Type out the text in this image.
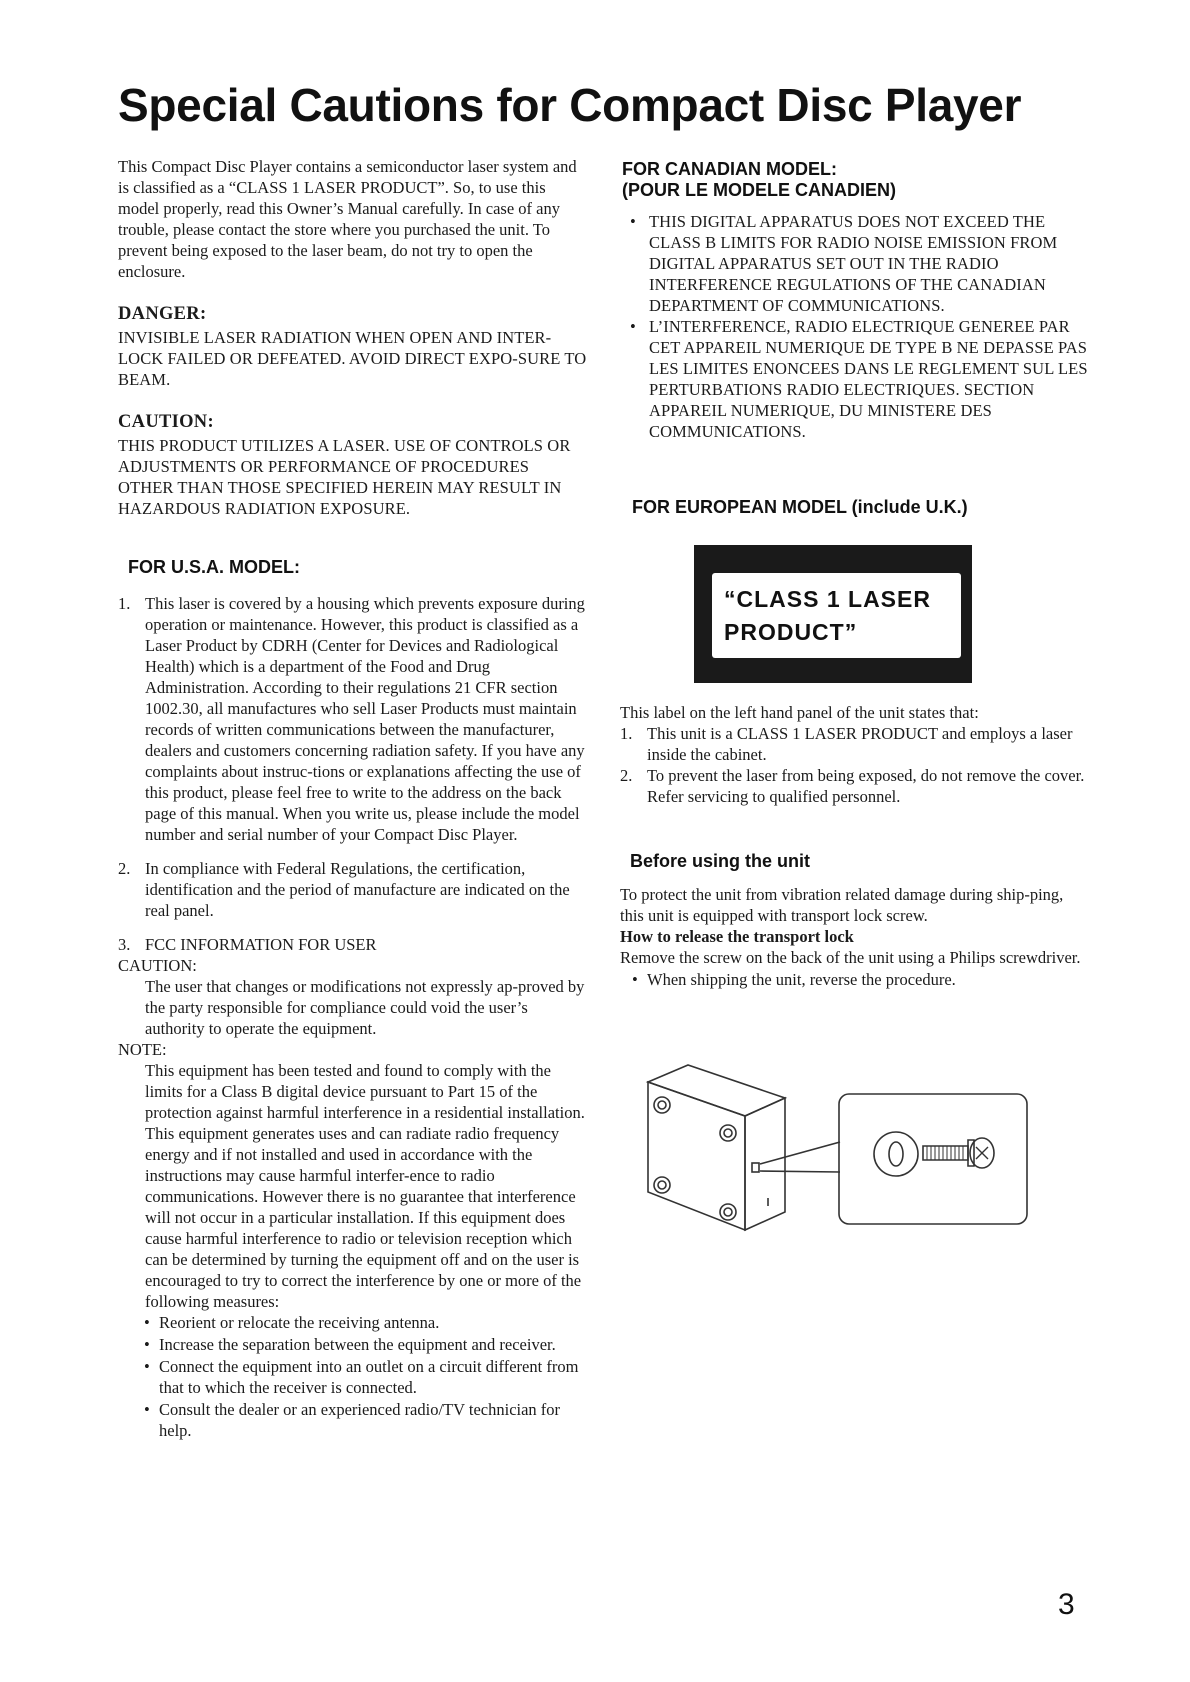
Special Cautions for Compact Disc Player

This Compact Disc Player contains a semiconductor laser system and is classified as a “CLASS 1 LASER PRODUCT”. So, to use this model properly, read this Owner’s Manual carefully. In case of any trouble, please contact the store where you purchased the unit. To prevent being exposed to the laser beam, do not try to open the enclosure.

DANGER:

INVISIBLE LASER RADIATION WHEN OPEN AND INTER-LOCK FAILED OR DEFEATED. AVOID DIRECT EXPO-SURE TO BEAM.

CAUTION:

THIS PRODUCT UTILIZES A LASER. USE OF CONTROLS OR ADJUSTMENTS OR PERFORMANCE OF PROCEDURES OTHER THAN THOSE SPECIFIED HEREIN MAY RESULT IN HAZARDOUS RADIATION EXPOSURE.

FOR U.S.A. MODEL:
1. This laser is covered by a housing which prevents exposure during operation or maintenance. However, this product is classified as a Laser Product by CDRH (Center for Devices and Radiological Health) which is a department of the Food and Drug Administration. According to their regulations 21 CFR section 1002.30, all manufactures who sell Laser Products must maintain records of written communications between the manufacturer, dealers and customers concerning radiation safety. If you have any complaints about instruc-tions or explanations affecting the use of this product, please feel free to write to the address on the back page of this manual. When you write us, please include the model number and serial number of your Compact Disc Player.
2. In compliance with Federal Regulations, the certification, identification and the period of manufacture are indicated on the real panel.
3. FCC INFORMATION FOR USER

CAUTION:

The user that changes or modifications not expressly ap-proved by the party responsible for compliance could void the user’s authority to operate the equipment.

NOTE:

This equipment has been tested and found to comply with the limits for a Class B digital device pursuant to Part 15 of the protection against harmful interference in a residential installation. This equipment generates uses and can radiate radio frequency energy and if not installed and used in accordance with the instructions may cause harmful interfer-ence to radio communications. However there is no guarantee that interference will not occur in a particular installation. If this equipment does cause harmful interference to radio or television reception which can be determined by turning the equipment off and on the user is encouraged to try to correct the interference by one or more of the following measures:

• Reorient or relocate the receiving antenna.
• Increase the separation between the equipment and receiver.
• Connect the equipment into an outlet on a circuit different from that to which the receiver is connected.
• Consult the dealer or an experienced radio/TV technician for help.
FOR CANADIAN MODEL:
(POUR LE MODELE CANADIEN)
• THIS DIGITAL APPARATUS DOES NOT EXCEED THE CLASS B LIMITS FOR RADIO NOISE EMISSION FROM DIGITAL APPARATUS SET OUT IN THE RADIO INTERFERENCE REGULATIONS OF THE CANADIAN DEPARTMENT OF COMMUNICATIONS.
• L’INTERFERENCE, RADIO ELECTRIQUE GENEREE PAR CET APPAREIL NUMERIQUE DE TYPE B NE DEPASSE PAS LES LIMITES ENONCEES DANS LE REGLEMENT SUL LES PERTURBATIONS RADIO ELECTRIQUES. SECTION APPAREIL NUMERIQUE, DU MINISTERE DES COMMUNICATIONS.
FOR EUROPEAN MODEL (include U.K.)
“CLASS 1 LASER
PRODUCT”

This label on the left hand panel of the unit states that:

1. This unit is a CLASS 1 LASER PRODUCT and employs a laser inside the cabinet.
2. To prevent the laser from being exposed, do not remove the cover. Refer servicing to qualified personnel.
Before using the unit

To protect the unit from vibration related damage during ship-ping, this unit is equipped with transport lock screw.

How to release the transport lock

Remove the screw on the back of the unit using a Philips screwdriver.

• When shipping the unit, reverse the procedure.
3
